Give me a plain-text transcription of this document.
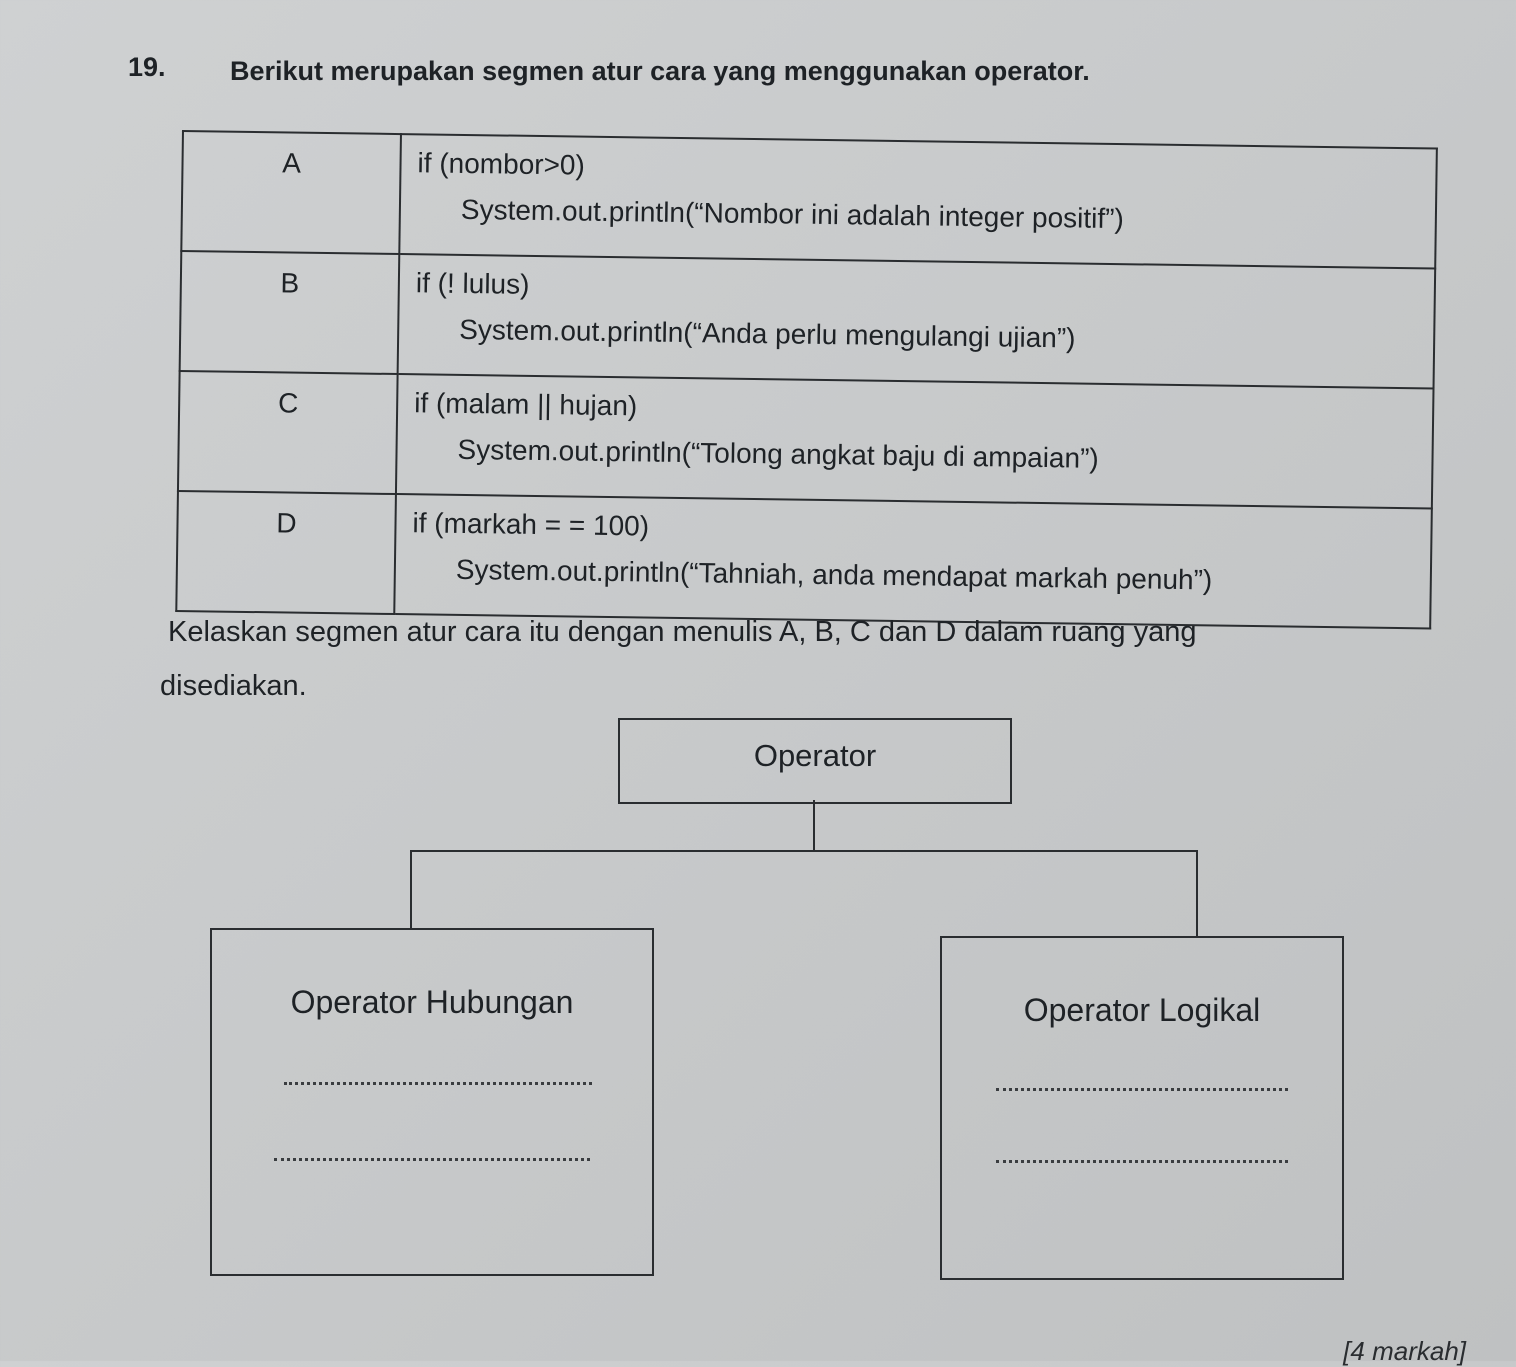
19. Berikut merupakan segmen atur cara yang menggunakan operator.
A	if (nombor>0)
System.out.println(“Nombor ini adalah integer positif”)

B	if (! lulus)
System.out.println(“Anda perlu mengulangi ujian”)

C	if (malam || hujan)
System.out.println(“Tolong angkat baju di ampaian”)

D	if (markah = = 100)
System.out.println(“Tahniah, anda mendapat markah penuh”)
Kelaskan segmen atur cara itu dengan menulis A, B, C dan D dalam ruang yang
disediakan.
Operator
Operator Hubungan	Operator Logikal
[4 markah]
